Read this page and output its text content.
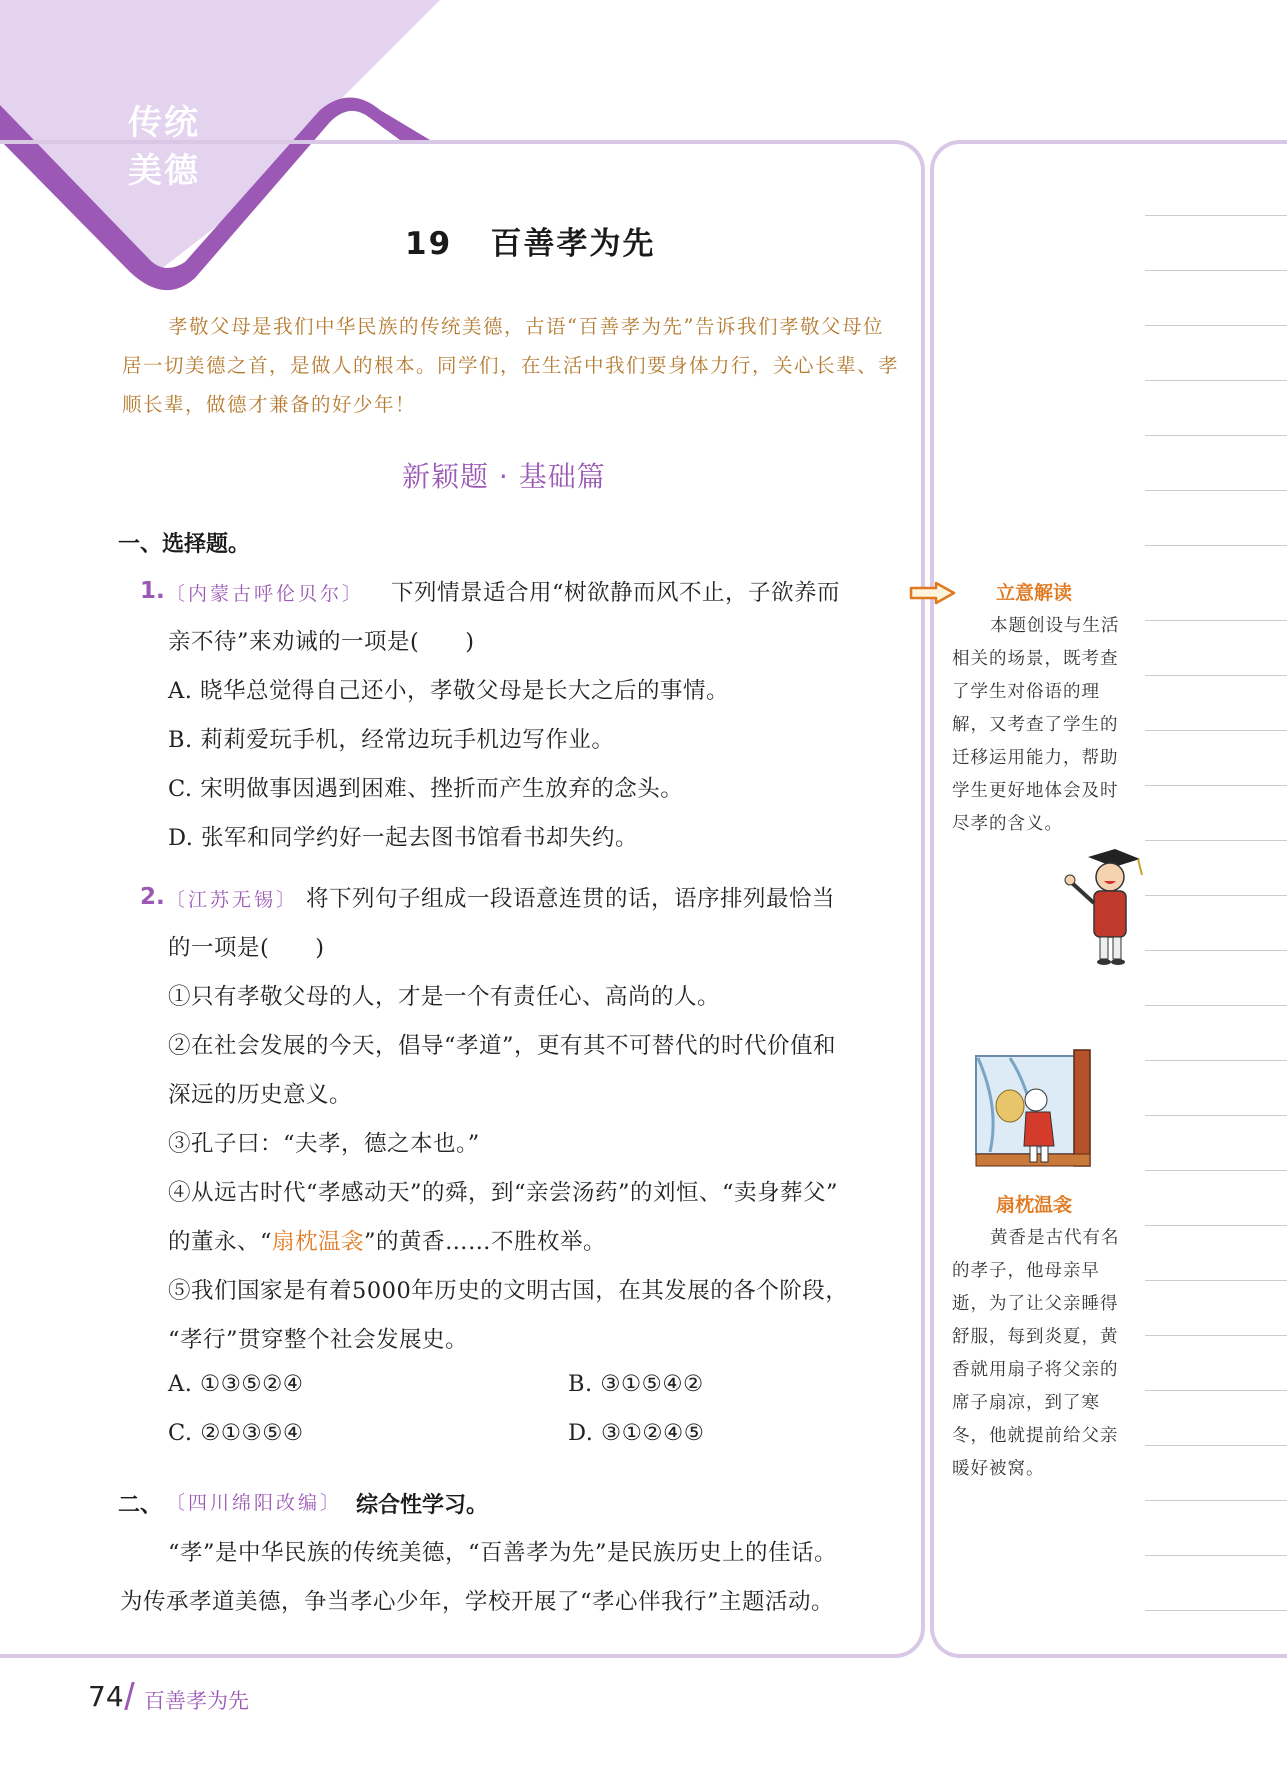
传统
美德
19 百善孝为先

孝敬父母是我们中华民族的传统美德，古语“百善孝为先”告诉我们孝敬父母位居一切美德之首，是做人的根本。同学们，在生活中我们要身体力行，关心长辈、孝顺长辈，做德才兼备的好少年！

新颖题 · 基础篇
一、选择题。
1. 〔内蒙古呼伦贝尔〕 下列情景适合用“树欲静而风不止，子欲养而
亲不待”来劝诫的一项是(　　)
A. 晓华总觉得自己还小，孝敬父母是长大之后的事情。
B. 莉莉爱玩手机，经常边玩手机边写作业。
C. 宋明做事因遇到困难、挫折而产生放弃的念头。
D. 张军和同学约好一起去图书馆看书却失约。
2. 〔江苏无锡〕 将下列句子组成一段语意连贯的话，语序排列最恰当
的一项是(　　)
①只有孝敬父母的人，才是一个有责任心、高尚的人。
②在社会发展的今天，倡导“孝道”，更有其不可替代的时代价值和
深远的历史意义。
③孔子曰：“夫孝，德之本也。”
④从远古时代“孝感动天”的舜，到“亲尝汤药”的刘恒、“卖身葬父”
的董永、“扇枕温衾”的黄香……不胜枚举。
⑤我们国家是有着5000年历史的文明古国，在其发展的各个阶段，
“孝行”贯穿整个社会发展史。
A. ①③⑤②④	B. ③①⑤④②
C. ②①③⑤④	D. ③①②④⑤
二、 〔四川绵阳改编〕 综合性学习。
“孝”是中华民族的传统美德，“百善孝为先”是民族历史上的佳话。
为传承孝道美德，争当孝心少年，学校开展了“孝心伴我行”主题活动。
立意解读

本题创设与生活相关的场景，既考查了学生对俗语的理解，又考查了学生的迁移运用能力，帮助学生更好地体会及时尽孝的含义。

扇枕温衾

黄香是古代有名的孝子，他母亲早逝，为了让父亲睡得舒服，每到炎夏，黄香就用扇子将父亲的席子扇凉，到了寒冬，他就提前给父亲暖好被窝。

74 百善孝为先
